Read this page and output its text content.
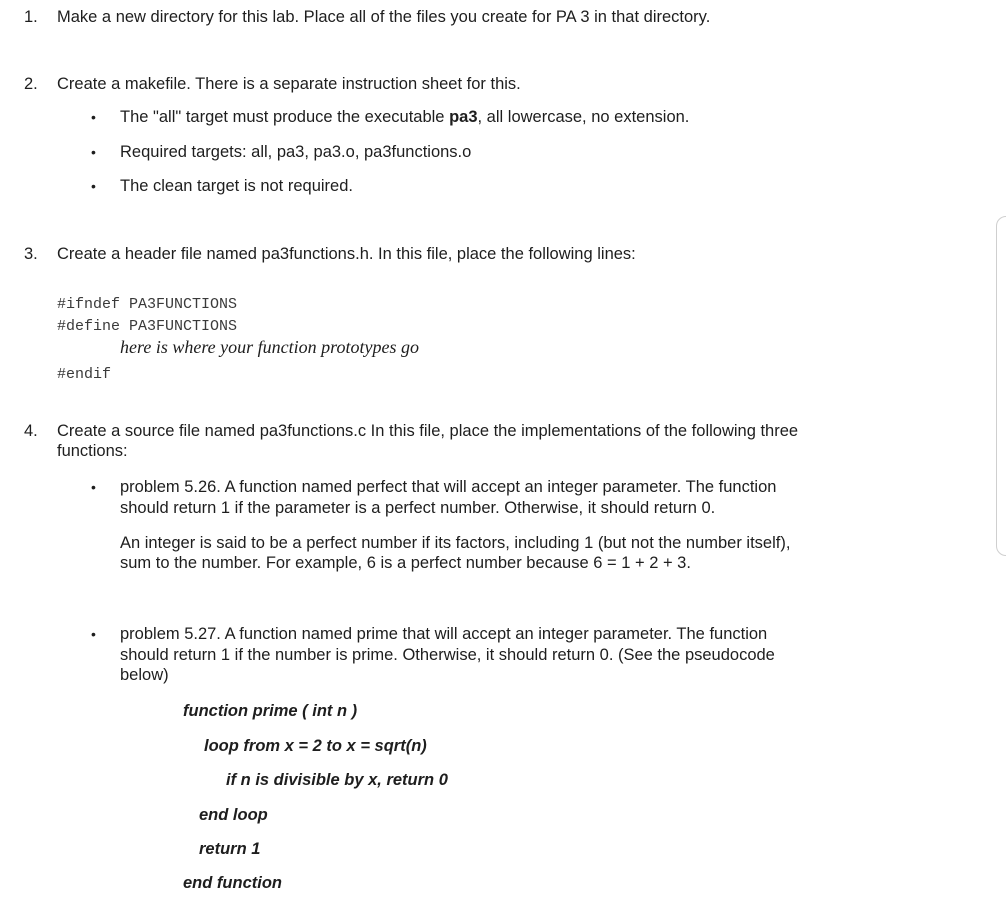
1. Make a new directory for this lab. Place all of the files you create for PA 3 in that directory.
2. Create a makefile. There is a separate instruction sheet for this.
• The "all" target must produce the executable pa3, all lowercase, no extension.
• Required targets: all, pa3, pa3.o, pa3functions.o
• The clean target is not required.
3. Create a header file named pa3functions.h. In this file, place the following lines:
#ifndef PA3FUNCTIONS
#define PA3FUNCTIONS
here is where your function prototypes go
#endif
4. Create a source file named pa3functions.c In this file, place the implementations of the following three
functions:
• problem 5.26. A function named perfect that will accept an integer parameter. The function
should return 1 if the parameter is a perfect number. Otherwise, it should return 0.
An integer is said to be a perfect number if its factors, including 1 (but not the number itself),
sum to the number. For example, 6 is a perfect number because 6 = 1 + 2 + 3.
• problem 5.27. A function named prime that will accept an integer parameter. The function
should return 1 if the number is prime. Otherwise, it should return 0. (See the pseudocode
below)
function prime ( int n )
loop from x = 2 to x = sqrt(n)
if n is divisible by x, return 0
end loop
return 1
end function
